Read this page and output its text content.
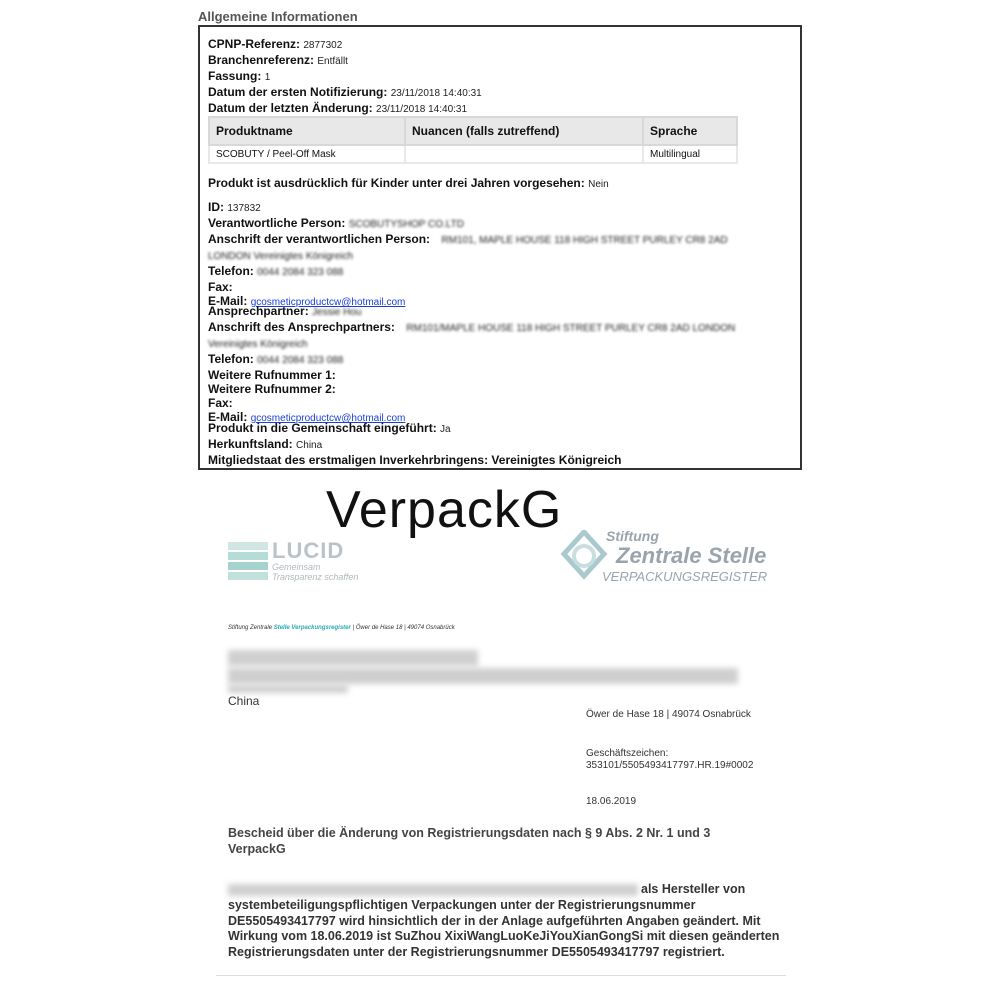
Allgemeine Informationen
CPNP-Referenz: 2877302
Branchenreferenz: Entfällt
Fassung: 1
Datum der ersten Notifizierung: 23/11/2018 14:40:31
Datum der letzten Änderung: 23/11/2018 14:40:31
Produktname	Nuancen (falls zutreffend)	Sprache
SCOBUTY / Peel-Off Mask		Multilingual
Produkt ist ausdrücklich für Kinder unter drei Jahren vorgesehen: Nein
ID: 137832
Verantwortliche Person: SCOBUTYSHOP CO.LTD
Anschrift der verantwortlichen Person: RM101, MAPLE HOUSE 118 HIGH STREET PURLEY CR8 2AD
LONDON Vereinigtes Königreich
Telefon: 0044 2084 323 088
Fax:
E-Mail: gcosmeticproductcw@hotmail.com
Ansprechpartner: Jessie Hou
Anschrift des Ansprechpartners: RM101/MAPLE HOUSE 118 HIGH STREET PURLEY CR8 2AD LONDON
Vereinigtes Königreich
Telefon: 0044 2084 323 088
Weitere Rufnummer 1:
Weitere Rufnummer 2:
Fax:
E-Mail: gcosmeticproductcw@hotmail.com
Produkt in die Gemeinschaft eingeführt: Ja
Herkunftsland: China
Mitgliedstaat des erstmaligen Inverkehrbringens: Vereinigtes Königreich
VerpackG
LUCID
Gemeinsam
Transparenz schaffen
Stiftung
Zentrale Stelle
VERPACKUNGSREGISTER
Stiftung Zentrale Stelle Verpackungsregister | Öwer de Hase 18 | 49074 Osnabrück
China
Öwer de Hase 18 | 49074 Osnabrück
Geschäftszeichen:
353101/5505493417797.HR.19#0002
18.06.2019
Bescheid über die Änderung von Registrierungsdaten nach § 9 Abs. 2 Nr. 1 und 3 VerpackG
als Hersteller von
systembeteiligungspflichtigen Verpackungen unter der Registrierungsnummer DE5505493417797 wird hinsichtlich der in der Anlage aufgeführten Angaben geändert. Mit Wirkung vom 18.06.2019 ist SuZhou XixiWangLuoKeJiYouXianGongSi mit diesen geänderten Registrierungsdaten unter der Registrierungsnummer DE5505493417797 registriert.
